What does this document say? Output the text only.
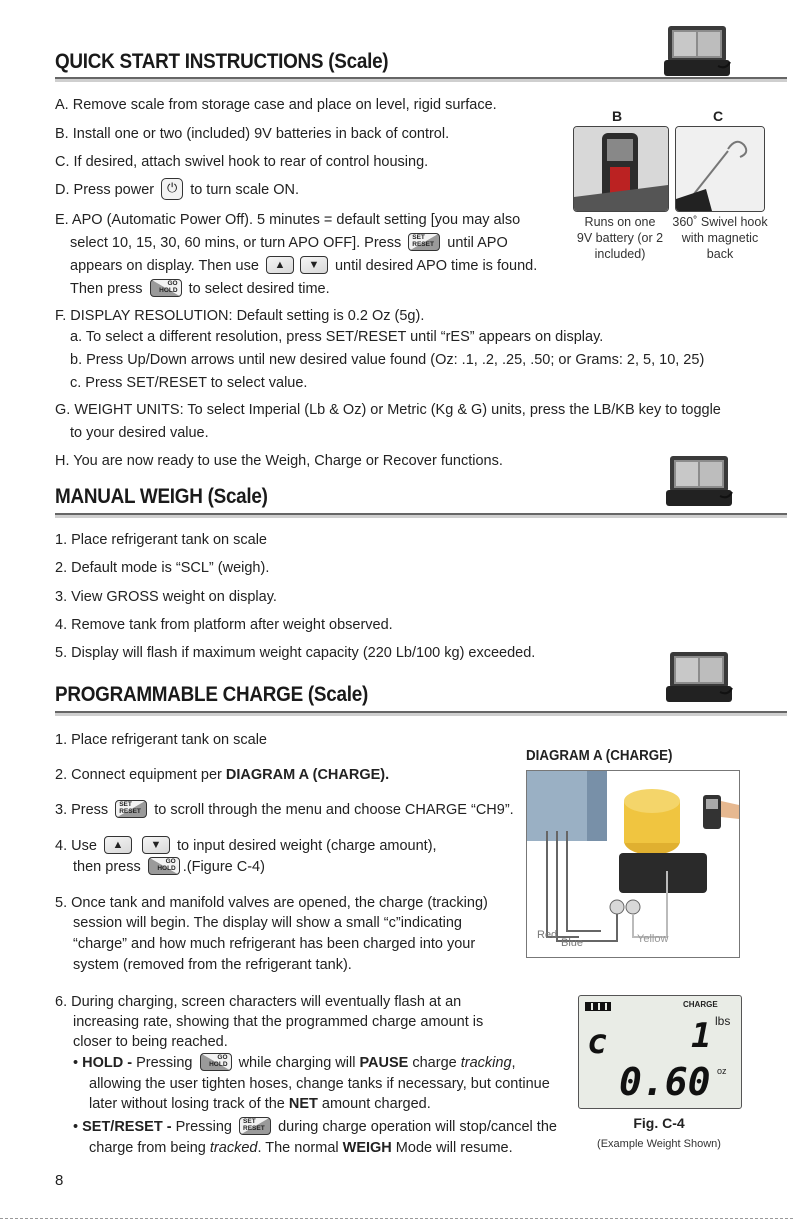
QUICK START INSTRUCTIONS (Scale)
A. Remove scale from storage case and place on level, rigid surface.
B. Install one or two (included) 9V batteries in back of control.
C. If desired, attach swivel hook to rear of control housing.
D. Press power ⏻ to turn scale ON.
E. APO (Automatic Power Off). 5 minutes = default setting [you may also
select 10, 15, 30, 60 mins, or turn APO OFF]. Press SET
RESET until APO
appears on display. Then use ▲ ▼ until desired APO time is found.
Then press	GO
HOLD to select desired time.
F. DISPLAY RESOLUTION: Default setting is 0.2 Oz (5g).
a. To select a different resolution, press SET/RESET until “rES” appears on display.
b. Press Up/Down arrows until new desired value found (Oz: .1, .2, .25, .50; or Grams: 2, 5, 10, 25)
c. Press SET/RESET to select value.
G. WEIGHT UNITS: To select Imperial (Lb & Oz) or Metric (Kg & G) units, press the LB/KB key to toggle
to your desired value.
H. You are now ready to use the Weigh, Charge or Recover functions.
B	C
Runs on one
9V battery (or 2
included)
360˚ Swivel hook
with magnetic
back
MANUAL WEIGH (Scale)
1. Place refrigerant tank on scale
2. Default mode is “SCL” (weigh).
3. View GROSS weight on display.
4. Remove tank from platform after weight observed.
5. Display will flash if maximum weight capacity (220 Lb/100 kg) exceeded.
PROGRAMMABLE CHARGE (Scale)
1. Place refrigerant tank on scale
2. Connect equipment per DIAGRAM A (CHARGE).
3. Press SET
RESET to scroll through the menu and choose CHARGE “CH9”.
4. Use ▲ ▼ to input desired weight (charge amount),
then press	GO
HOLD .(Figure C-4)
5. Once tank and manifold valves are opened, the charge (tracking)
session will begin. The display will show a small “c”indicating
“charge” and how much refrigerant has been charged into your
system (removed from the refrigerant tank).
6. During charging, screen characters will eventually flash at an
increasing rate, showing that the programmed charge amount is
closer to being reached.
• HOLD - Pressing	GO
HOLD while charging will PAUSE charge tracking,
allowing the user tighten hoses, change tanks if necessary, but continue
later without losing track of the NET amount charged.
• SET/RESET - Pressing SET
RESET during charge operation will stop/cancel the
charge from being tracked. The normal WEIGH Mode will resume.
DIAGRAM A (CHARGE)
Red
Blue	Yellow
CHARGE
lbs
c 1
0.60 oz
Fig. C-4
(Example Weight Shown)
8
